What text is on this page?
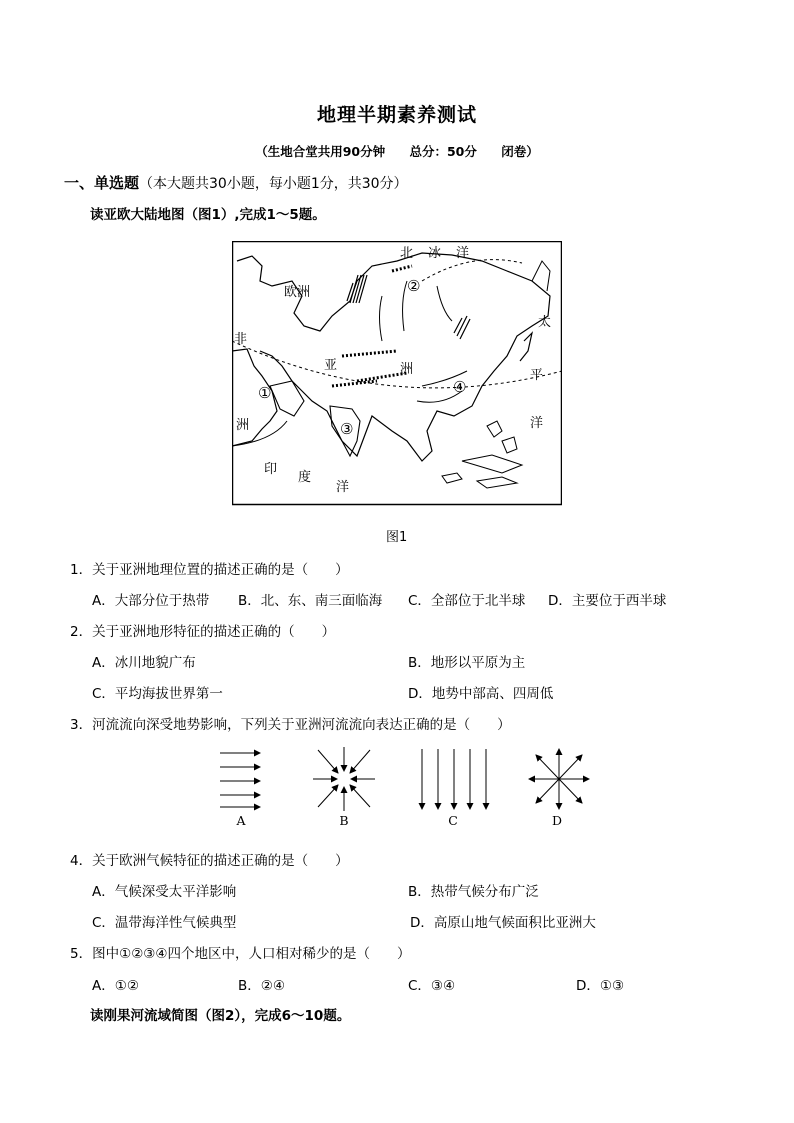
地理半期素养测试
（生地合堂共用90分钟 总分：50分 闭卷）
一、单选题（本大题共30小题，每小题1分，共30分）
读亚欧大陆地图（图1）,完成1～5题。
北 冰 洋
欧洲
非
洲
亚	洲
太
平
洋
印
度
洋
①
②
③
④
图1
1．关于亚洲地理位置的描述正确的是（　　）
A．大部分位于热带 B．北、东、南三面临海 C．全部位于北半球 D．主要位于西半球
2．关于亚洲地形特征的描述正确的（　　）
A．冰川地貌广布	B．地形以平原为主
C．平均海拔世界第一	D．地势中部高、四周低
3．河流流向深受地势影响，下列关于亚洲河流流向表达正确的是（　　）
A	B	C	D
4．关于欧洲气候特征的描述正确的是（　　）
A．气候深受太平洋影响	B．热带气候分布广泛
C．温带海洋性气候典型	D．高原山地气候面积比亚洲大
5．图中①②③④四个地区中，人口相对稀少的是（　　）
A．①②	B．②④	C．③④	D．①③
读刚果河流域简图（图2），完成6～10题。
